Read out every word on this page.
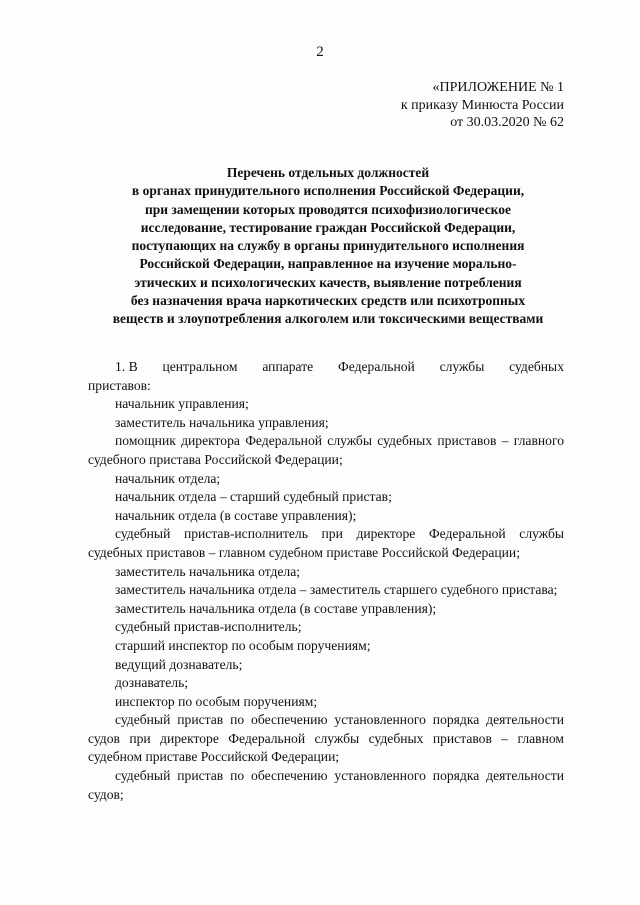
2
«ПРИЛОЖЕНИЕ № 1
к приказу Минюста России
от 30.03.2020 № 62
Перечень отдельных должностей
в органах принудительного исполнения Российской Федерации,
при замещении которых проводятся психофизиологическое
исследование, тестирование граждан Российской Федерации,
поступающих на службу в органы принудительного исполнения
Российской Федерации, направленное на изучение морально-
этических и психологических качеств, выявление потребления
без назначения врача наркотических средств или психотропных
веществ и злоупотребления алкоголем или токсическими веществами
1. В центральном аппарате Федеральной службы судебных

приставов:

начальник управления;

заместитель начальника управления;

помощник директора Федеральной службы судебных приставов – главного судебного пристава Российской Федерации;

начальник отдела;

начальник отдела – старший судебный пристав;

начальник отдела (в составе управления);

судебный пристав-исполнитель при директоре Федеральной службы судебных приставов – главном судебном приставе Российской Федерации;

заместитель начальника отдела;

заместитель начальника отдела – заместитель старшего судебного пристава;

заместитель начальника отдела (в составе управления);

судебный пристав-исполнитель;

старший инспектор по особым поручениям;

ведущий дознаватель;

дознаватель;

инспектор по особым поручениям;

судебный пристав по обеспечению установленного порядка деятельности судов при директоре Федеральной службы судебных приставов – главном судебном приставе Российской Федерации;

судебный пристав по обеспечению установленного порядка деятельности судов;
